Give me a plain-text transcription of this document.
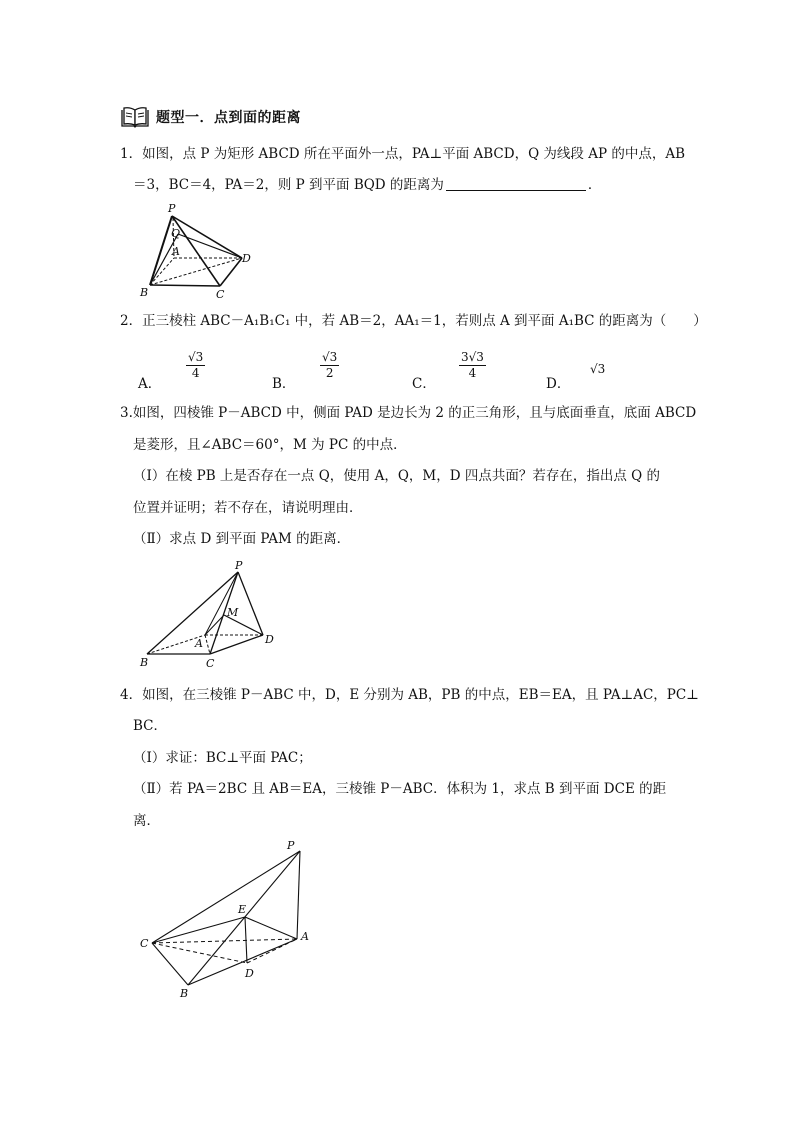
题型一．点到面的距离
1．如图，点 P 为矩形 ABCD 所在平面外一点，PA⊥平面 ABCD，Q 为线段 AP 的中点，AB
＝3，BC＝4，PA＝2，则 P 到平面 BQD 的距离为	．
P
Q
A
B	C
D
2．正三棱柱 ABC－A₁B₁C₁ 中，若 AB＝2，AA₁＝1，若则点 A 到平面 A₁BC 的距离为（　　）
A．
$\frac{√3}{4}$
B．
$\frac{√3}{2}$
C．
$\frac{3√3}{4}$
D．
√3
3.如图，四棱锥 P－ABCD 中，侧面 PAD 是边长为 2 的正三角形，且与底面垂直，底面 ABCD
是菱形，且∠ABC＝60°，M 为 PC 的中点．
（Ⅰ）在棱 PB 上是否存在一点 Q，使用 A，Q，M，D 四点共面？若存在，指出点 Q 的
位置并证明；若不存在，请说明理由．
（Ⅱ）求点 D 到平面 PAM 的距离．
P
M
A
B	C
D
4．如图，在三棱锥 P－ABC 中，D，E 分别为 AB，PB 的中点，EB＝EA，且 PA⊥AC，PC⊥
BC．
（Ⅰ）求证：BC⊥平面 PAC；
（Ⅱ）若 PA＝2BC 且 AB＝EA，三棱锥 P－ABC．体积为 1，求点 B 到平面 DCE 的距
离．
P
E
C
A
D
B
